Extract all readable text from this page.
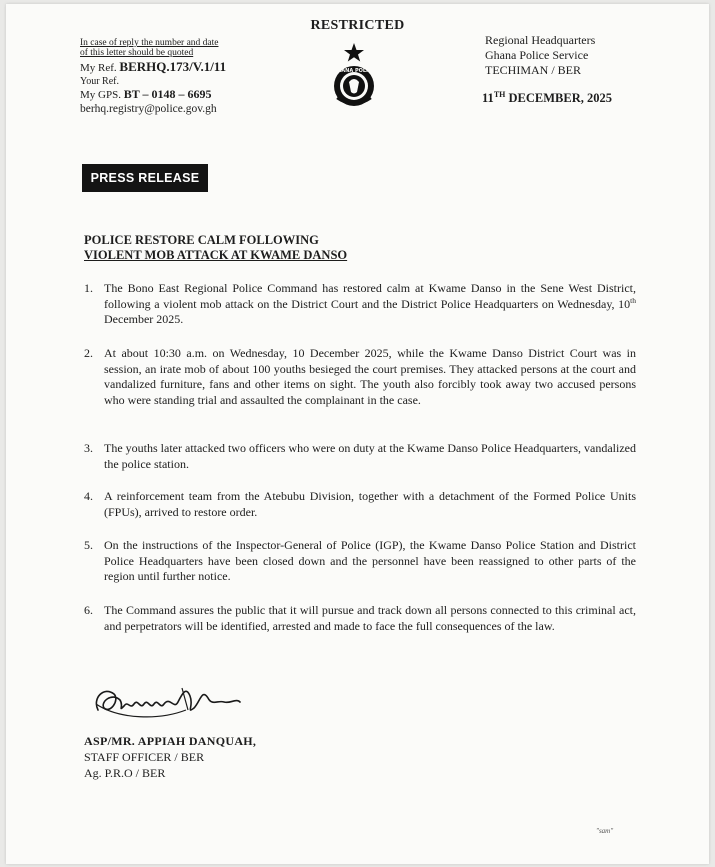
RESTRICTED
In case of reply the number and date
of this letter should be quoted
My Ref. BERHQ.173/V.1/11
Your Ref.
My GPS. BT – 0148 – 6695
berhq.registry@police.gov.gh
GHANA POLICE
Regional Headquarters
Ghana Police Service
TECHIMAN / BER
11TH DECEMBER, 2025
PRESS RELEASE
POLICE RESTORE CALM FOLLOWING
VIOLENT MOB ATTACK AT KWAME DANSO
1. The Bono East Regional Police Command has restored calm at Kwame Danso in the Sene West District, following a violent mob attack on the District Court and the District Police Headquarters on Wednesday, 10th December 2025.
2. At about 10:30 a.m. on Wednesday, 10 December 2025, while the Kwame Danso District Court was in session, an irate mob of about 100 youths besieged the court premises. They attacked persons at the court and vandalized furniture, fans and other items on sight. The youth also forcibly took away two accused persons who were standing trial and assaulted the complainant in the case.
3. The youths later attacked two officers who were on duty at the Kwame Danso Police Headquarters, vandalized the police station.
4. A reinforcement team from the Atebubu Division, together with a detachment of the Formed Police Units (FPUs), arrived to restore order.
5. On the instructions of the Inspector-General of Police (IGP), the Kwame Danso Police Station and District Police Headquarters have been closed down and the personnel have been reassigned to other parts of the region until further notice.
6. The Command assures the public that it will pursue and track down all persons connected to this criminal act, and perpetrators will be identified, arrested and made to face the full consequences of the law.
ASP/MR. APPIAH DANQUAH,
STAFF OFFICER / BER
Ag. P.R.O / BER
"sam"
